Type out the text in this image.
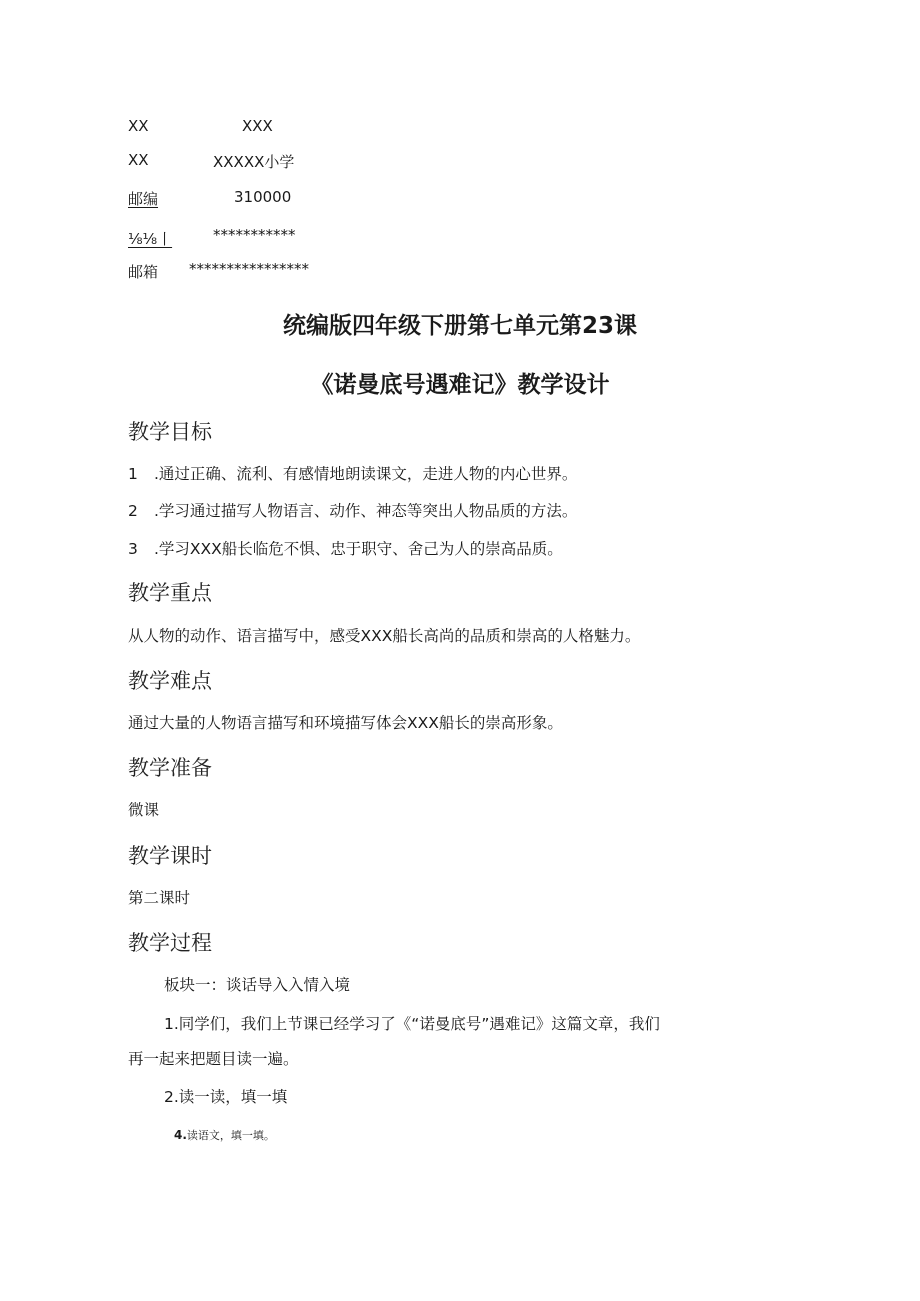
XX	XXX
XX	XXXXX小学
邮编	310000
⅛⅛丨	***********
邮箱 ****************
统编版四年级下册第七单元第23课
《诺曼底号遇难记》教学设计
教学目标
1 .通过正确、流利、有感情地朗读课文，走进人物的内心世界。
2 .学习通过描写人物语言、动作、神态等突出人物品质的方法。
3 .学习XXX船长临危不惧、忠于职守、舍己为人的崇高品质。
教学重点
从人物的动作、语言描写中，感受XXX船长高尚的品质和崇高的人格魅力。
教学难点
通过大量的人物语言描写和环境描写体会XXX船长的崇高形象。
教学准备
微课
教学课时
第二课时
教学过程
板块一：谈话导入入情入境
1.同学们，我们上节课已经学习了《“诺曼底号”遇难记》这篇文章，我们
再一起来把题目读一遍。
2.读一读，填一填
4.读语文，填一填。
